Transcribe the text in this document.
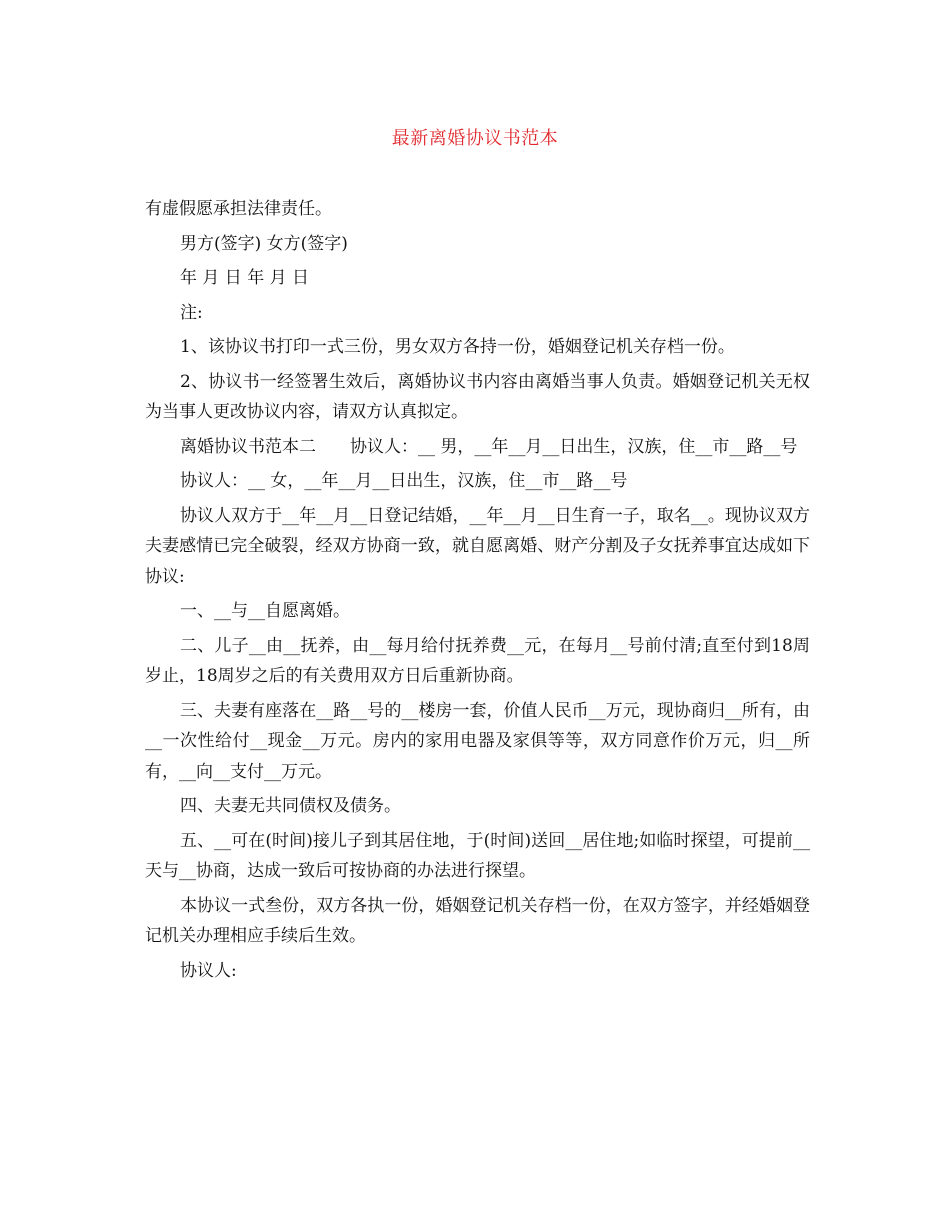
最新离婚协议书范本

有虚假愿承担法律责任。

男方(签字) 女方(签字)

年 月 日 年 月 日

注:

1、该协议书打印一式三份，男女双方各持一份，婚姻登记机关存档一份。

2、协议书一经签署生效后，离婚协议书内容由离婚当事人负责。婚姻登记机关无权为当事人更改协议内容，请双方认真拟定。

离婚协议书范本二　　协议人：__ 男，__年__月__日出生，汉族，住__市__路__号

协议人：__ 女，__年__月__日出生，汉族，住__市__路__号

协议人双方于__年__月__日登记结婚，__年__月__日生育一子，取名__。现协议双方夫妻感情已完全破裂，经双方协商一致，就自愿离婚、财产分割及子女抚养事宜达成如下协议:

一、__与__自愿离婚。

二、儿子__由__抚养，由__每月给付抚养费__元，在每月__号前付清;直至付到18周岁止，18周岁之后的有关费用双方日后重新协商。

三、夫妻有座落在__路__号的__楼房一套，价值人民币__万元，现协商归__所有，由__一次性给付__现金__万元。房内的家用电器及家俱等等，双方同意作价万元，归__所有，__向__支付__万元。

四、夫妻无共同债权及债务。

五、__可在(时间)接儿子到其居住地，于(时间)送回__居住地;如临时探望，可提前__天与__协商，达成一致后可按协商的办法进行探望。

本协议一式叁份，双方各执一份，婚姻登记机关存档一份，在双方签字，并经婚姻登记机关办理相应手续后生效。

协议人:
